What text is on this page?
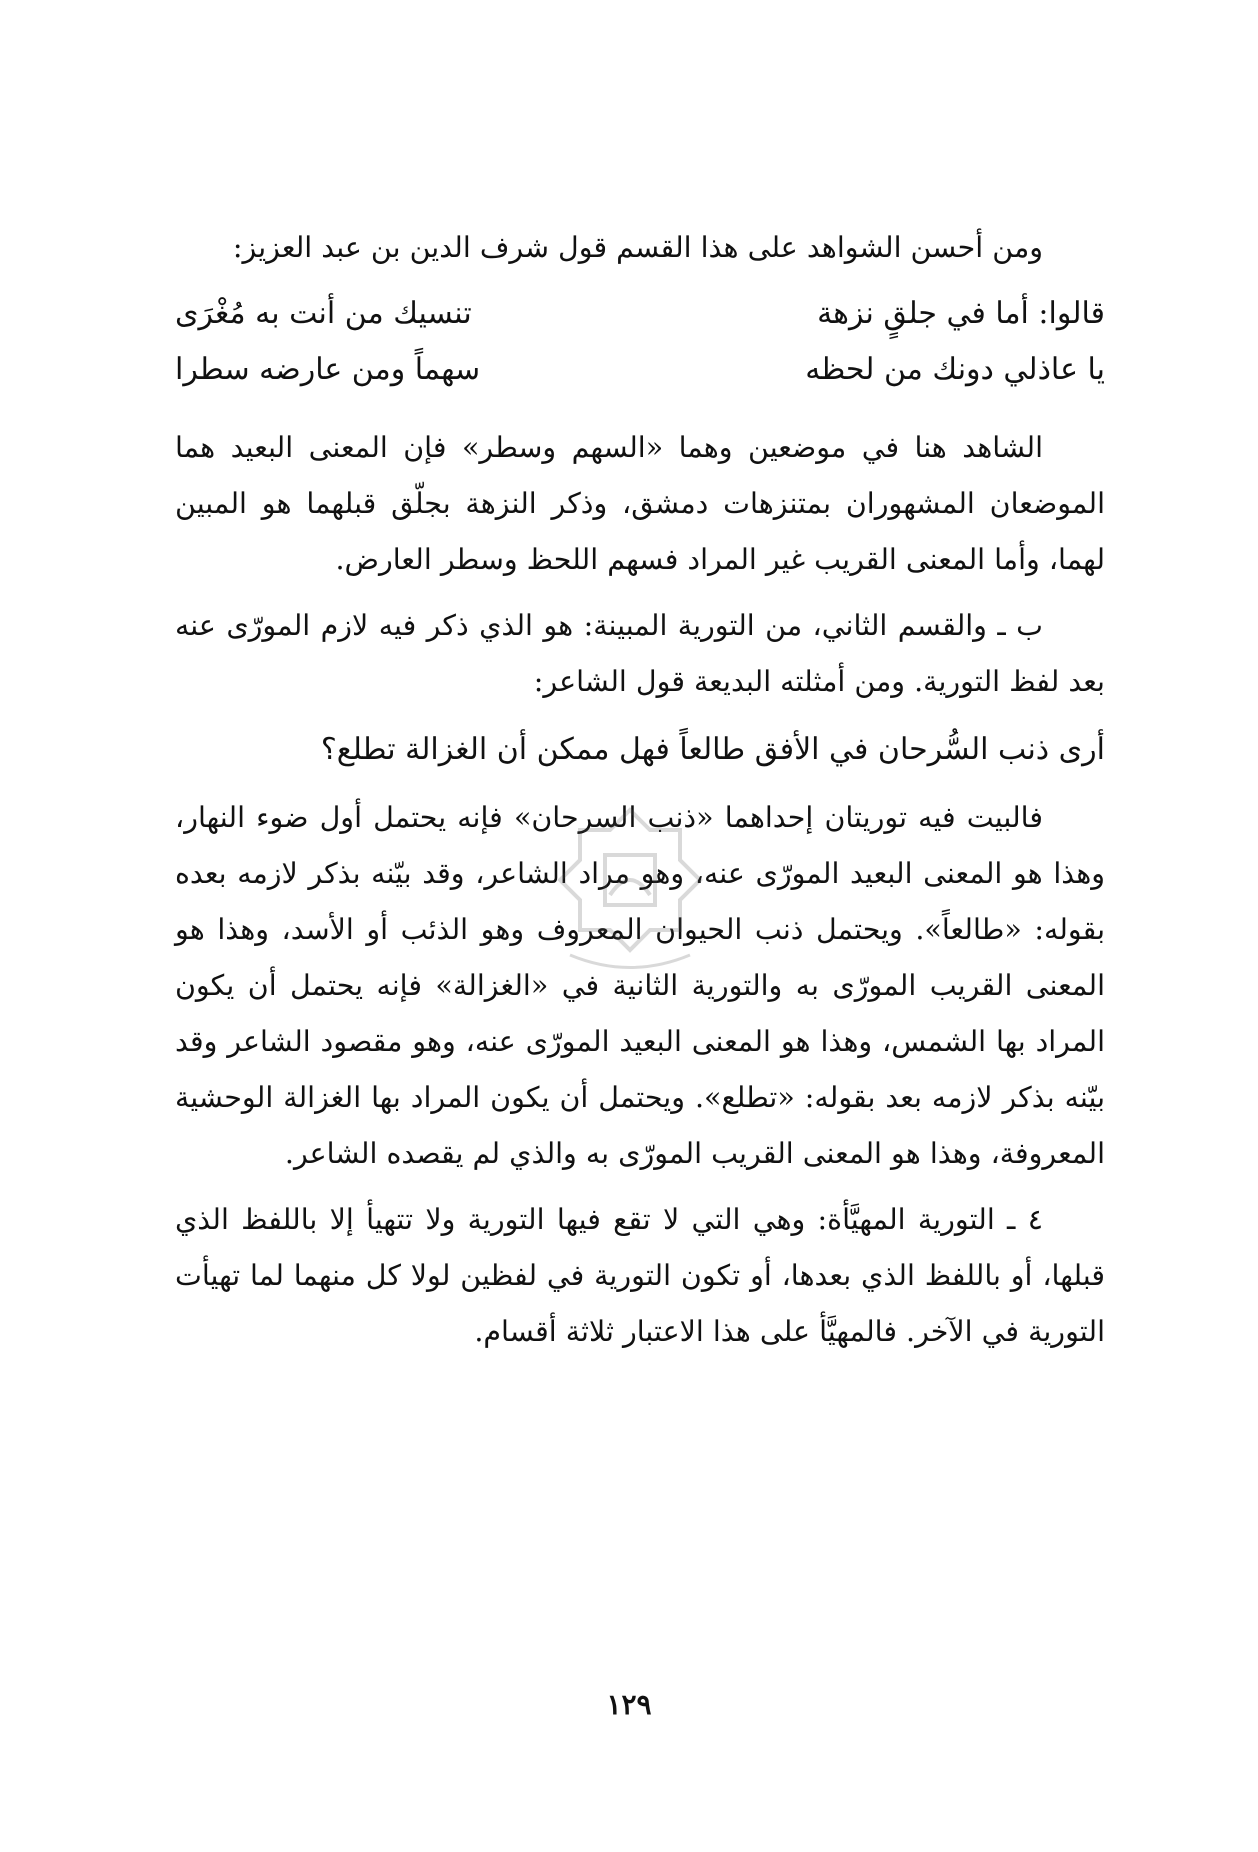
ومن أحسن الشواهد على هذا القسم قول شرف الدين بن عبد العزيز:

قالوا: أما في جلقٍ نزهة
تنسيك من أنت به مُغْرَى
يا عاذلي دونك من لحظه
سهماً ومن عارضه سطرا

الشاهد هنا في موضعين وهما «السهم وسطر» فإن المعنى البعيد هما الموضعان المشهوران بمتنزهات دمشق، وذكر النزهة بجلّق قبلهما هو المبين لهما، وأما المعنى القريب غير المراد فسهم اللحظ وسطر العارض.

ب ـ والقسم الثاني، من التورية المبينة: هو الذي ذكر فيه لازم المورّى عنه بعد لفظ التورية. ومن أمثلته البديعة قول الشاعر:

أرى ذنب السُّرحان في الأفق طالعاً فهل ممكن أن الغزالة تطلع؟

فالبيت فيه توريتان إحداهما «ذنب السرحان» فإنه يحتمل أول ضوء النهار، وهذا هو المعنى البعيد المورّى عنه، وهو مراد الشاعر، وقد بيّنه بذكر لازمه بعده بقوله: «طالعاً». ويحتمل ذنب الحيوان المعروف وهو الذئب أو الأسد، وهذا هو المعنى القريب المورّى به والتورية الثانية في «الغزالة» فإنه يحتمل أن يكون المراد بها الشمس، وهذا هو المعنى البعيد المورّى عنه، وهو مقصود الشاعر وقد بيّنه بذكر لازمه بعد بقوله: «تطلع». ويحتمل أن يكون المراد بها الغزالة الوحشية المعروفة، وهذا هو المعنى القريب المورّى به والذي لم يقصده الشاعر.

٤ ـ التورية المهيَّأة: وهي التي لا تقع فيها التورية ولا تتهيأ إلا باللفظ الذي قبلها، أو باللفظ الذي بعدها، أو تكون التورية في لفظين لولا كل منهما لما تهيأت التورية في الآخر. فالمهيَّأ على هذا الاعتبار ثلاثة أقسام.

١٢٩
